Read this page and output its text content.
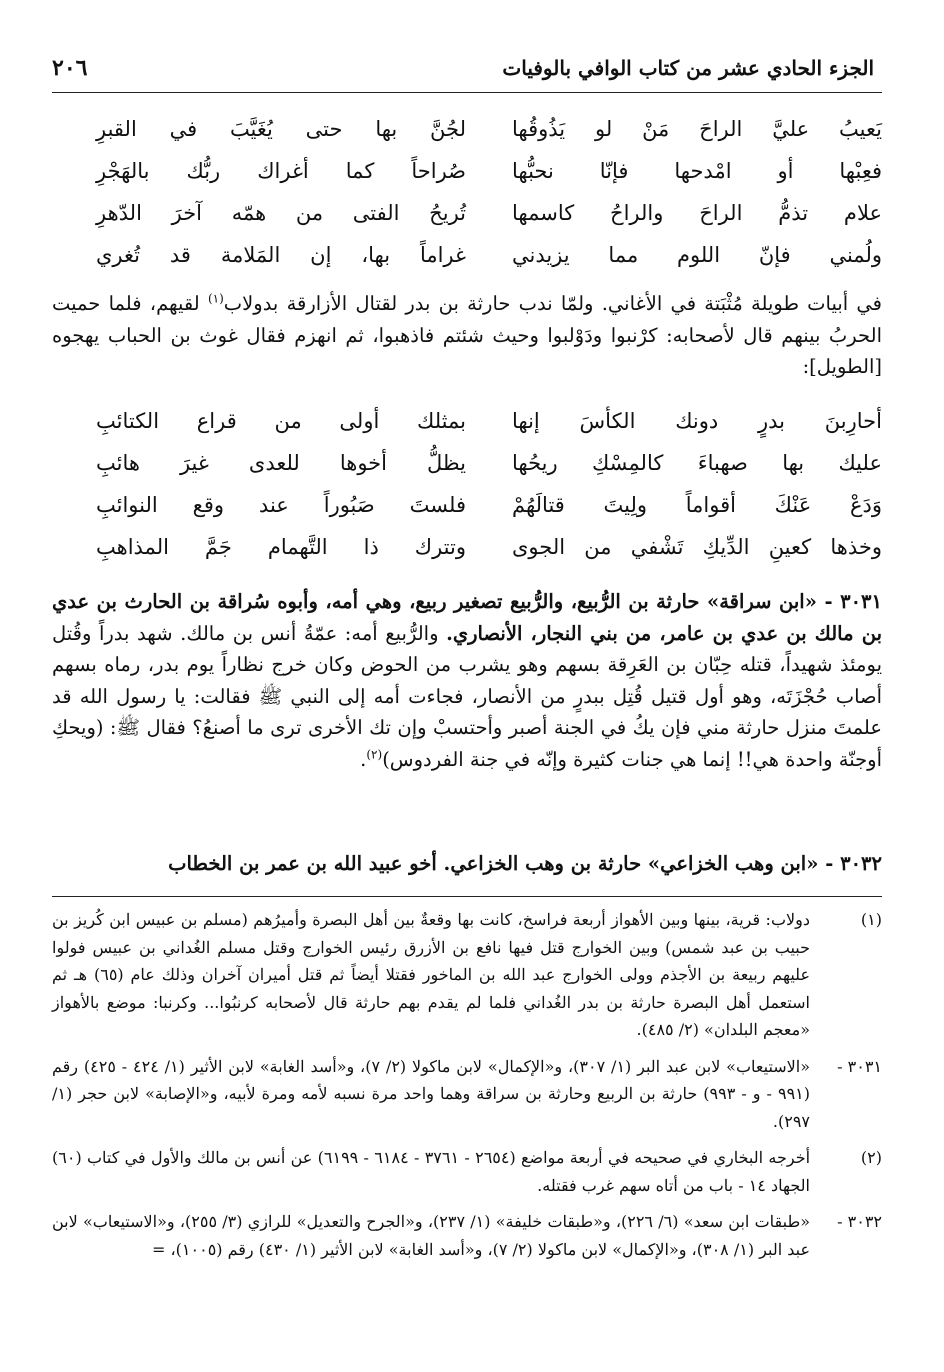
الجزء الحادي عشر من كتاب الوافي بالوفيات
٢٠٦
يَعيبُ عليَّ الراحَ مَنْ لو يَذُوقُها
لجُنَّ بها حتى يُغَيَّبَ في القبرِ
فعِبْها أو امْدحها فإنّا نحبُّها
صُراحاً كما أغراك ربُّك بالهَجْرِ
علام تذمُّ الراحَ والراحُ كاسمها
تُريحُ الفتى من همّه آخرَ الدّهرِ
ولُمني فإنّ اللوم مما يزيدني
غراماً بها، إن المَلامة قد تُغري

في أبيات طويلة مُثْبَتة في الأغاني. ولمّا ندب حارثة بن بدر لقتال الأزارقة بدولاب$^{(١)}$ لقيهم، فلما حميت الحربُ بينهم قال لأصحابه: كرْنبوا ودَوْلبوا وحيث شئتم فاذهبوا، ثم انهزم فقال غوث بن الحباب يهجوه [الطويل]:

أحارِبنَ بدرٍ دونك الكأسَ إنها
بمثلك أولى من قراع الكتائبِ
عليك بها صهباءَ كالمِسْكِ ريحُها
يظلُّ أخوها للعدى غيرَ هائبِ
وَدَعْ عَنْكَ أقواماً ولِيتَ قتالَهُمْ
فلستَ صَبُوراً عند وقع النوائبِ
وخذها كعينِ الدِّيكِ تَشْفي من الجوى
وتترك ذا التَّهمام جَمَّ المذاهبِ

٣٠٣١ - «ابن سراقة» حارثة بن الرُّبيع، والرُّبيع تصغير ربيع، وهي أمه، وأبوه سُراقة بن الحارث بن عدي بن مالك بن عدي بن عامر، من بني النجار، الأنصاري. والرُّبيع أمه: عمّةُ أنس بن مالك. شهد بدراً وقُتل يومئذ شهيداً، قتله حِبّان بن العَرِقة بسهم وهو يشرب من الحوض وكان خرج نظاراً يوم بدر، رماه بسهم أصاب حُجْزَتَه، وهو أول قتيل قُتِل ببدرٍ من الأنصار، فجاءت أمه إلى النبي ﷺ فقالت: يا رسول الله قد علمتَ منزل حارثة مني فإن يكُ في الجنة أصبر وأحتسبْ وإن تك الأخرى ترى ما أصنعُ؟ فقال ﷺ: (ويحكِ أوجنّة واحدة هي!! إنما هي جنات كثيرة وإنّه في جنة الفردوس)$^{(٢)}$.

٣٠٣٢ - «ابن وهب الخزاعي» حارثة بن وهب الخزاعي. أخو عبيد الله بن عمر بن الخطاب

(١)
دولاب: قرية، بينها وبين الأهواز أربعة فراسخ، كانت بها وقعةٌ بين أهل البصرة وأميرُهم (مسلم بن عبيس ابن كُريز بن حبيب بن عبد شمس) وبين الخوارج قتل فيها نافع بن الأزرق رئيس الخوارج وقتل مسلم الغُداني بن عبيس فولوا عليهم ربيعة بن الأجذم وولى الخوارج عبد الله بن الماخور فقتلا أيضاً ثم قتل أميران آخران وذلك عام (٦٥) هـ ثم استعمل أهل البصرة حارثة بن بدر الغُداني فلما لم يقدم بهم حارثة قال لأصحابه كرنبُوا... وكرنبا: موضع بالأهواز «معجم البلدان» (٢/ ٤٨٥).
٣٠٣١ -
«الاستيعاب» لابن عبد البر (١/ ٣٠٧)، و«الإكمال» لابن ماكولا (٢/ ٧)، و«أسد الغابة» لابن الأثير (١/ ٤٢٤ - ٤٢٥) رقم (٩٩١ - و - ٩٩٣) حارثة بن الربيع وحارثة بن سراقة وهما واحد مرة نسبه لأمه ومرة لأبيه، و«الإصابة» لابن حجر (١/ ٢٩٧).
(٢)
أخرجه البخاري في صحيحه في أربعة مواضع (٢٦٥٤ - ٣٧٦١ - ٦١٨٤ - ٦١٩٩) عن أنس بن مالك والأول في كتاب (٦٠) الجهاد ١٤ - باب من أتاه سهم غرب فقتله.
٣٠٣٢ -
«طبقات ابن سعد» (٦/ ٢٢٦)، و«طبقات خليفة» (١/ ٢٣٧)، و«الجرح والتعديل» للرازي (٣/ ٢٥٥)، و«الاستيعاب» لابن عبد البر (١/ ٣٠٨)، و«الإكمال» لابن ماكولا (٢/ ٧)، و«أسد الغابة» لابن الأثير (١/ ٤٣٠) رقم (١٠٠٥)، =
